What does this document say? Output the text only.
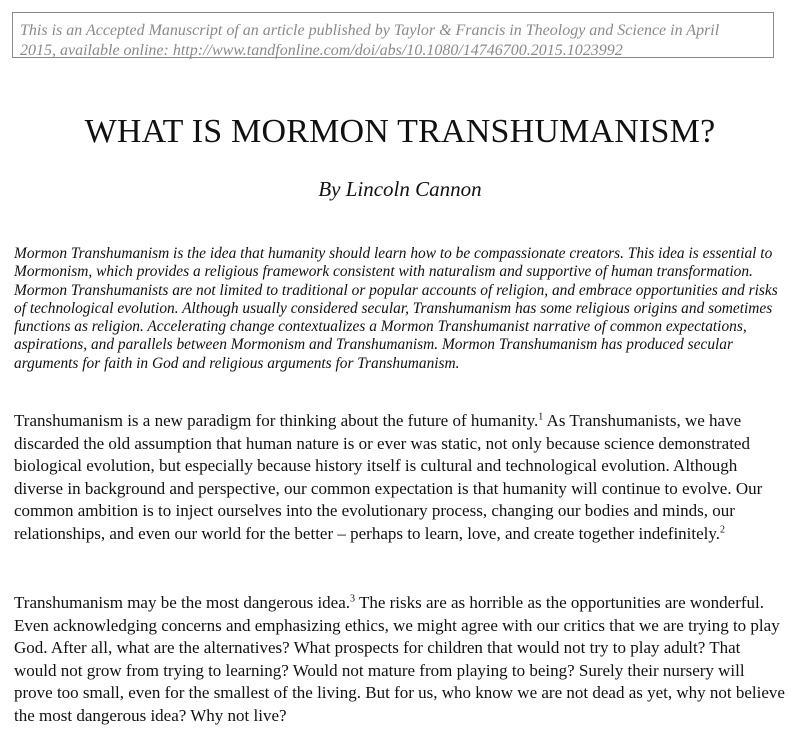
This is an Accepted Manuscript of an article published by Taylor & Francis in Theology and Science in April
2015, available online: http://www.tandfonline.com/doi/abs/10.1080/14746700.2015.1023992
WHAT IS MORMON TRANSHUMANISM?
By Lincoln Cannon

Mormon Transhumanism is the idea that humanity should learn how to be compassionate creators. This idea is essential to Mormonism, which provides a religious framework consistent with naturalism and supportive of human transformation. Mormon Transhumanists are not limited to traditional or popular accounts of religion, and embrace opportunities and risks of technological evolution. Although usually considered secular, Transhumanism has some religious origins and sometimes functions as religion. Accelerating change contextualizes a Mormon Transhumanist narrative of common expectations, aspirations, and parallels between Mormonism and Transhumanism. Mormon Transhumanism has produced secular arguments for faith in God and religious arguments for Transhumanism.

Transhumanism is a new paradigm for thinking about the future of humanity.$^1$ As Transhumanists, we have discarded the old assumption that human nature is or ever was static, not only because science demonstrated biological evolution, but especially because history itself is cultural and technological evolution. Although diverse in background and perspective, our common expectation is that humanity will continue to evolve. Our common ambition is to inject ourselves into the evolutionary process, changing our bodies and minds, our relationships, and even our world for the better – perhaps to learn, love, and create together indefinitely.$^2$

Transhumanism may be the most dangerous idea.$^3$ The risks are as horrible as the opportunities are wonderful. Even acknowledging concerns and emphasizing ethics, we might agree with our critics that we are trying to play God. After all, what are the alternatives? What prospects for children that would not try to play adult? That would not grow from trying to learning? Would not mature from playing to being? Surely their nursery will prove too small, even for the smallest of the living. But for us, who know we are not dead as yet, why not believe the most dangerous idea? Why not live?
